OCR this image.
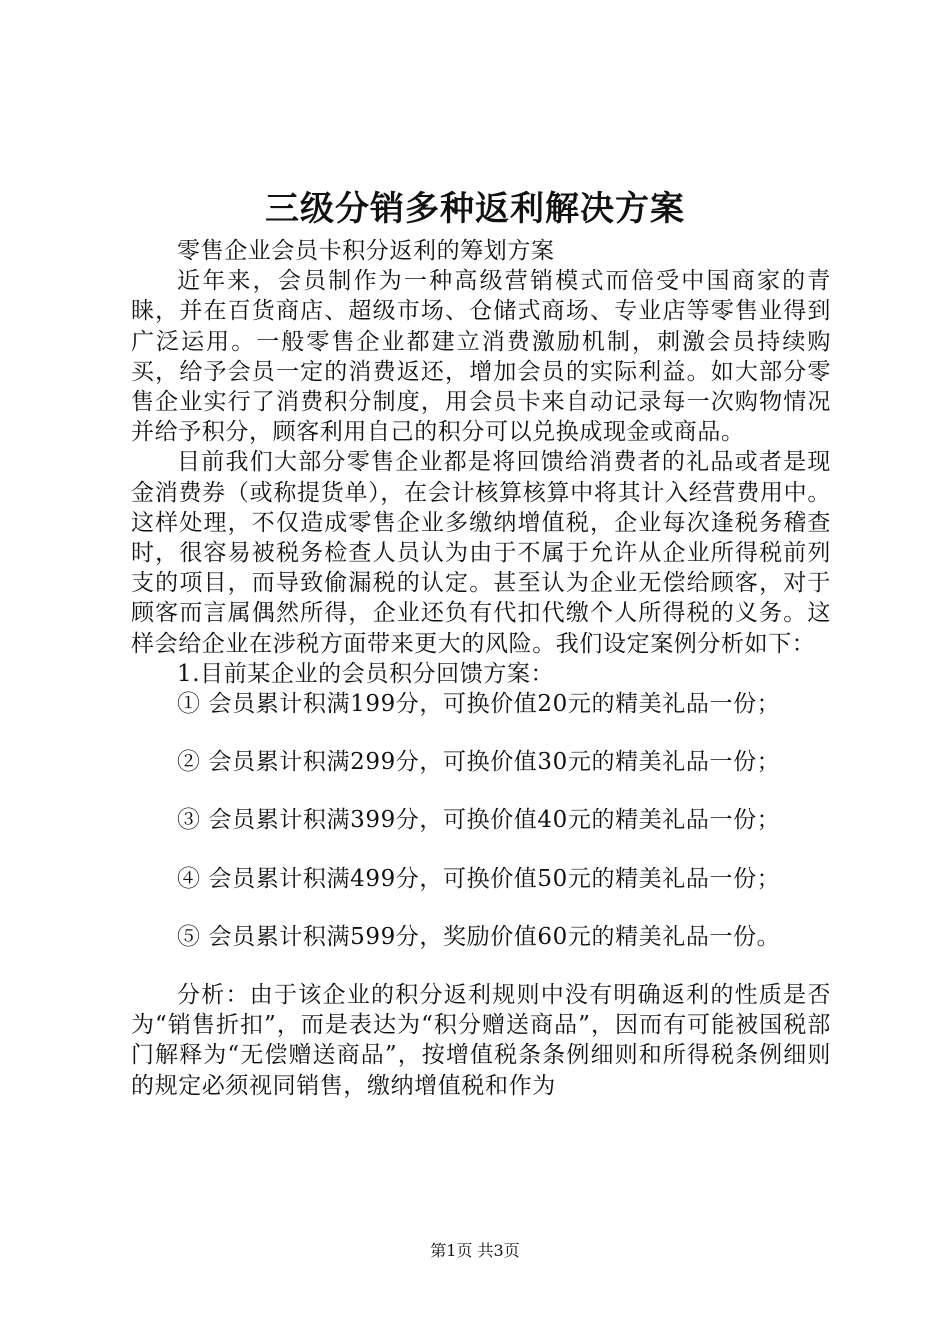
三级分销多种返利解决方案

零售企业会员卡积分返利的筹划方案

近年来，会员制作为一种高级营销模式而倍受中国商家的青睐，并在百货商店、超级市场、仓储式商场、专业店等零售业得到广泛运用。一般零售企业都建立消费激励机制，刺激会员持续购买，给予会员一定的消费返还，增加会员的实际利益。如大部分零售企业实行了消费积分制度，用会员卡来自动记录每一次购物情况并给予积分，顾客利用自己的积分可以兑换成现金或商品。

目前我们大部分零售企业都是将回馈给消费者的礼品或者是现金消费券（或称提货单），在会计核算核算中将其计入经营费用中。这样处理，不仅造成零售企业多缴纳增值税，企业每次逢税务稽查时，很容易被税务检查人员认为由于不属于允许从企业所得税前列支的项目，而导致偷漏税的认定。甚至认为企业无偿给顾客，对于顾客而言属偶然所得，企业还负有代扣代缴个人所得税的义务。这样会给企业在涉税方面带来更大的风险。我们设定案例分析如下：

1.目前某企业的会员积分回馈方案：

① 会员累计积满199分，可换价值20元的精美礼品一份；

② 会员累计积满299分，可换价值30元的精美礼品一份；

③ 会员累计积满399分，可换价值40元的精美礼品一份；

④ 会员累计积满499分，可换价值50元的精美礼品一份；

⑤ 会员累计积满599分，奖励价值60元的精美礼品一份。

分析：由于该企业的积分返利规则中没有明确返利的性质是否为“销售折扣”，而是表达为“积分赠送商品”，因而有可能被国税部门解释为“无偿赠送商品”，按增值税条条例细则和所得税条例细则的规定必须视同销售，缴纳增值税和作为

第1页 共3页
